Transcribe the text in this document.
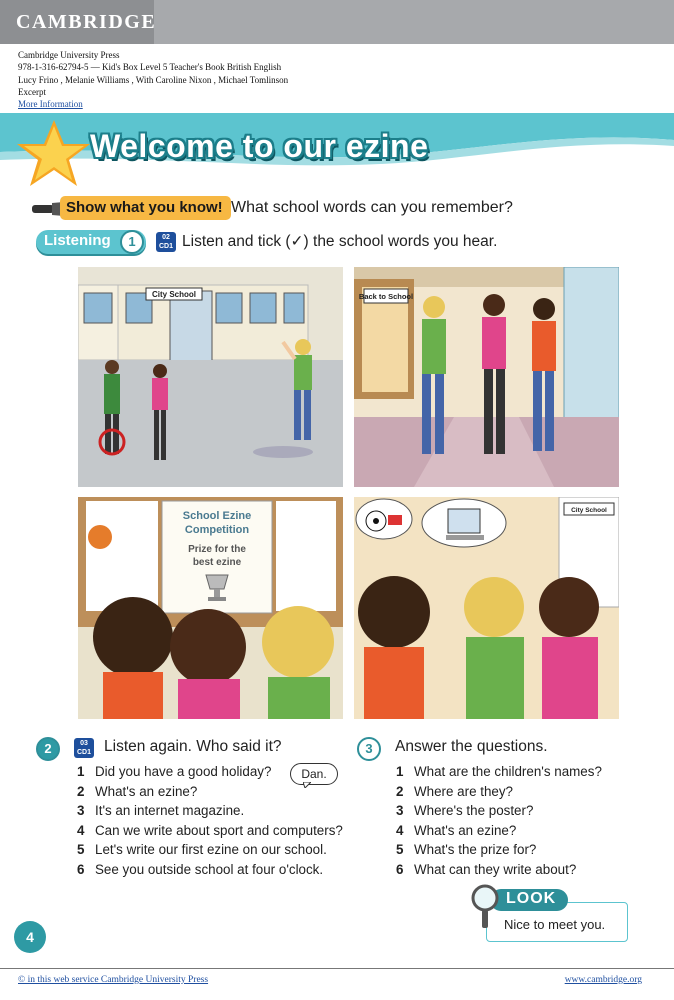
CAMBRIDGE
Cambridge University Press
978-1-316-62794-5 — Kid's Box Level 5 Teacher's Book British English
Lucy Frino , Melanie Williams , With Caroline Nixon , Michael Tomlinson
Excerpt
More Information
Welcome to our ezine
Show what you know! What school words can you remember?
Listening	1	02
CD1 Listen and tick (✓) the school words you hear.
City School	Back to School
School Ezine
Competition
Prize for the
best ezine
City School
2	03
CD1 Listen again. Who said it?
1 Did you have a good holiday?
2 What's an ezine?
3 It's an internet magazine.
4 Can we write about sport and computers?
5 Let's write our first ezine on our school.
6 See you outside school at four o'clock.
Dan.
3	Answer the questions.
1 What are the children's names?
2 Where are they?
3 Where's the poster?
4 What's an ezine?
5 What's the prize for?
6 What can they write about?
LOOK
Nice to meet you.
4
© in this web service Cambridge University Press	www.cambridge.org
